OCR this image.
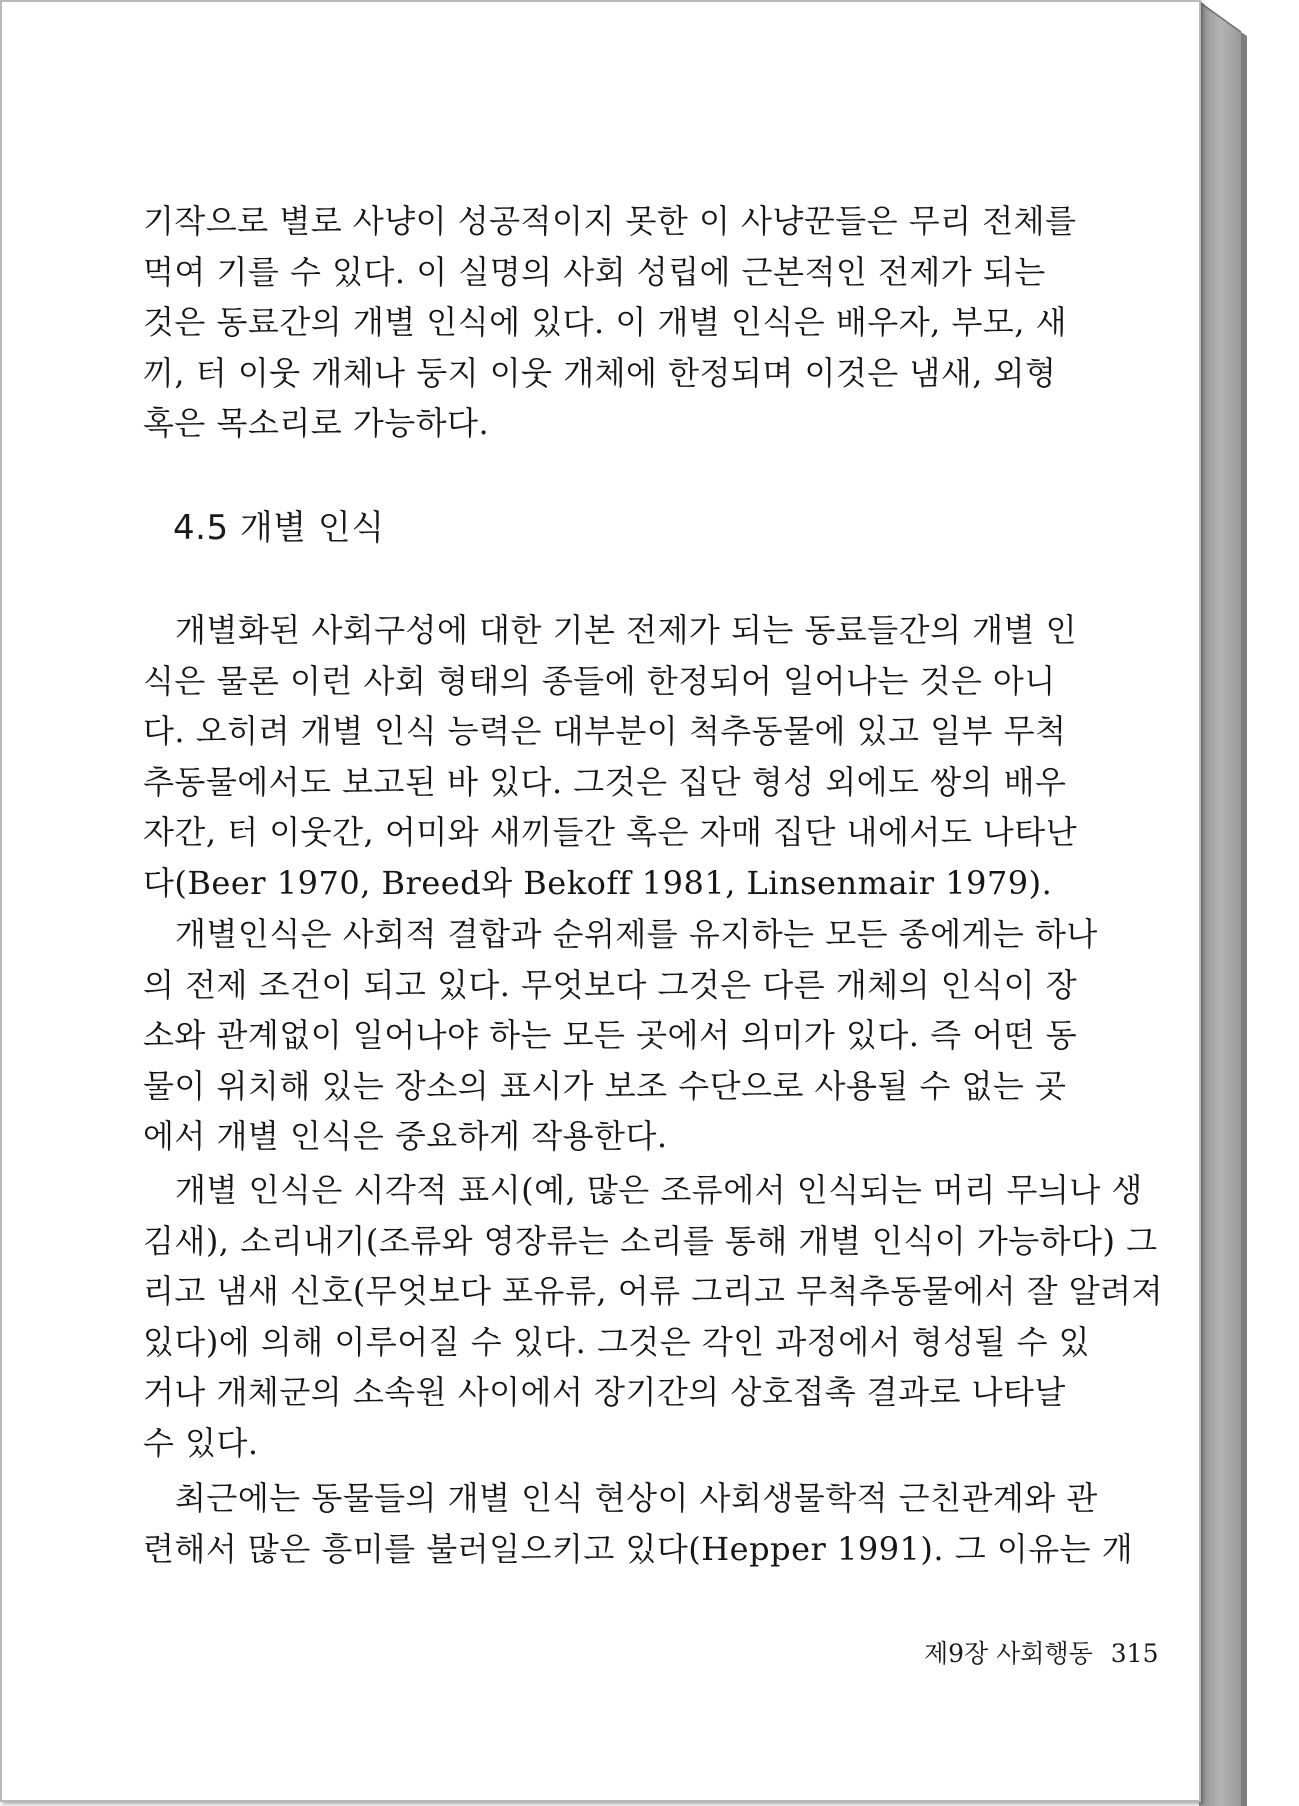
기작으로 별로 사냥이 성공적이지 못한 이 사냥꾼들은 무리 전체를
먹여 기를 수 있다. 이 실명의 사회 성립에 근본적인 전제가 되는
것은 동료간의 개별 인식에 있다. 이 개별 인식은 배우자, 부모, 새
끼, 터 이웃 개체나 둥지 이웃 개체에 한정되며 이것은 냄새, 외형
혹은 목소리로 가능하다.
4.5 개별 인식
개별화된 사회구성에 대한 기본 전제가 되는 동료들간의 개별 인
식은 물론 이런 사회 형태의 종들에 한정되어 일어나는 것은 아니
다. 오히려 개별 인식 능력은 대부분이 척추동물에 있고 일부 무척
추동물에서도 보고된 바 있다. 그것은 집단 형성 외에도 쌍의 배우
자간, 터 이웃간, 어미와 새끼들간 혹은 자매 집단 내에서도 나타난
다(Beer 1970, Breed와 Bekoff 1981, Linsenmair 1979).
개별인식은 사회적 결합과 순위제를 유지하는 모든 종에게는 하나
의 전제 조건이 되고 있다. 무엇보다 그것은 다른 개체의 인식이 장
소와 관계없이 일어나야 하는 모든 곳에서 의미가 있다. 즉 어떤 동
물이 위치해 있는 장소의 표시가 보조 수단으로 사용될 수 없는 곳
에서 개별 인식은 중요하게 작용한다.
개별 인식은 시각적 표시(예, 많은 조류에서 인식되는 머리 무늬나 생
김새), 소리내기(조류와 영장류는 소리를 통해 개별 인식이 가능하다) 그
리고 냄새 신호(무엇보다 포유류, 어류 그리고 무척추동물에서 잘 알려져
있다)에 의해 이루어질 수 있다. 그것은 각인 과정에서 형성될 수 있
거나 개체군의 소속원 사이에서 장기간의 상호접촉 결과로 나타날
수 있다.
최근에는 동물들의 개별 인식 현상이 사회생물학적 근친관계와 관
련해서 많은 흥미를 불러일으키고 있다(Hepper 1991). 그 이유는 개
제9장 사회행동 315
